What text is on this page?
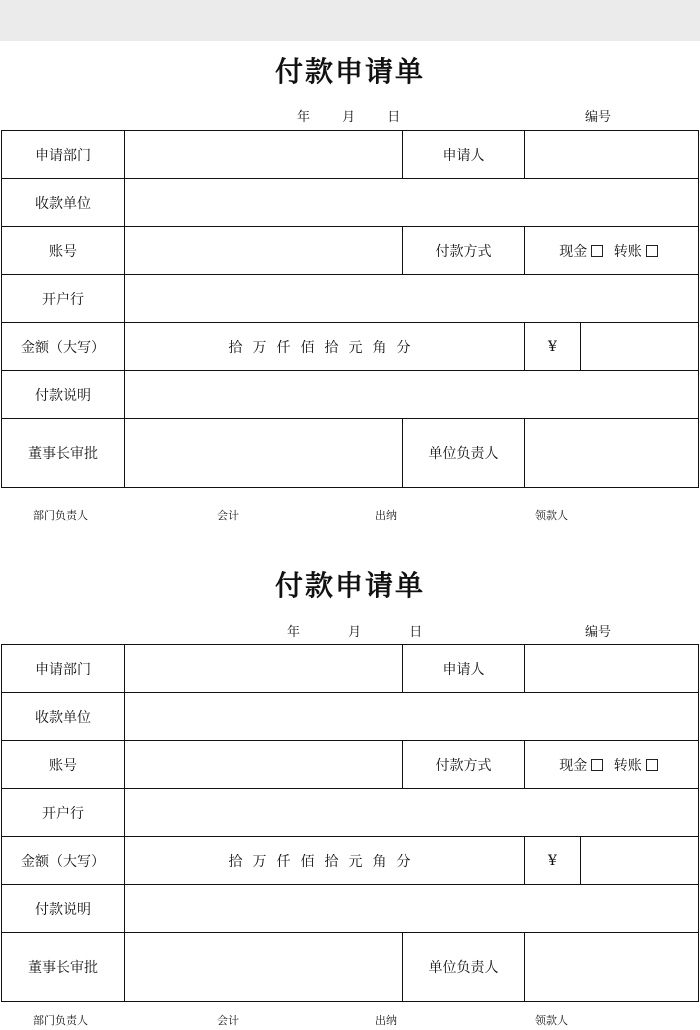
付款申请单
年 月 日	编号
申请部门		申请人		
收款单位				
账号		付款方式	现金 转账	
开户行				
金额（大写）	拾万仟佰拾元角分		¥	
付款说明				
董事长审批		单位负责人		
部门负责人	会计	出纳	领款人
付款申请单
年 月 日	编号
申请部门		申请人		
收款单位				
账号		付款方式	现金 转账	
开户行				
金额（大写）	拾万仟佰拾元角分		¥	
付款说明				
董事长审批		单位负责人		
部门负责人	会计	出纳	领款人
